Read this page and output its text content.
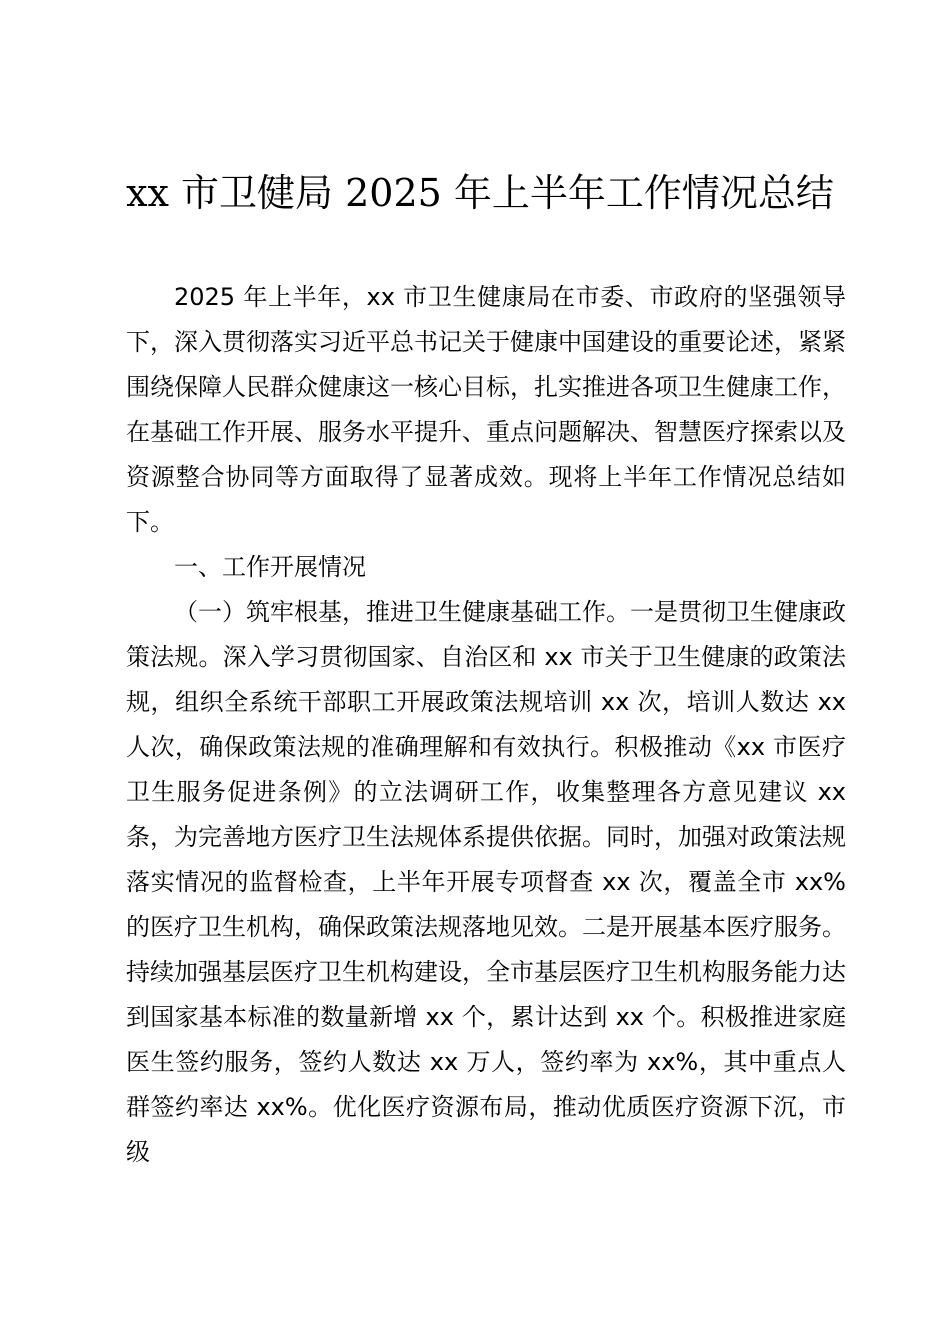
xx 市卫健局 2025 年上半年工作情况总结

2025 年上半年，xx 市卫生健康局在市委、市政府的坚强领导下，深入贯彻落实习近平总书记关于健康中国建设的重要论述，紧紧围绕保障人民群众健康这一核心目标，扎实推进各项卫生健康工作，在基础工作开展、服务水平提升、重点问题解决、智慧医疗探索以及资源整合协同等方面取得了显著成效。现将上半年工作情况总结如下。

一、工作开展情况

（一）筑牢根基，推进卫生健康基础工作。一是贯彻卫生健康政策法规。深入学习贯彻国家、自治区和 xx 市关于卫生健康的政策法规，组织全系统干部职工开展政策法规培训 xx 次，培训人数达 xx 人次，确保政策法规的准确理解和有效执行。积极推动《xx 市医疗卫生服务促进条例》的立法调研工作，收集整理各方意见建议 xx 条，为完善地方医疗卫生法规体系提供依据。同时，加强对政策法规落实情况的监督检查，上半年开展专项督查 xx 次，覆盖全市 xx%的医疗卫生机构，确保政策法规落地见效。二是开展基本医疗服务。持续加强基层医疗卫生机构建设，全市基层医疗卫生机构服务能力达到国家基本标准的数量新增 xx 个，累计达到 xx 个。积极推进家庭医生签约服务，签约人数达 xx 万人，签约率为 xx%，其中重点人群签约率达 xx%。优化医疗资源布局，推动优质医疗资源下沉，市级
